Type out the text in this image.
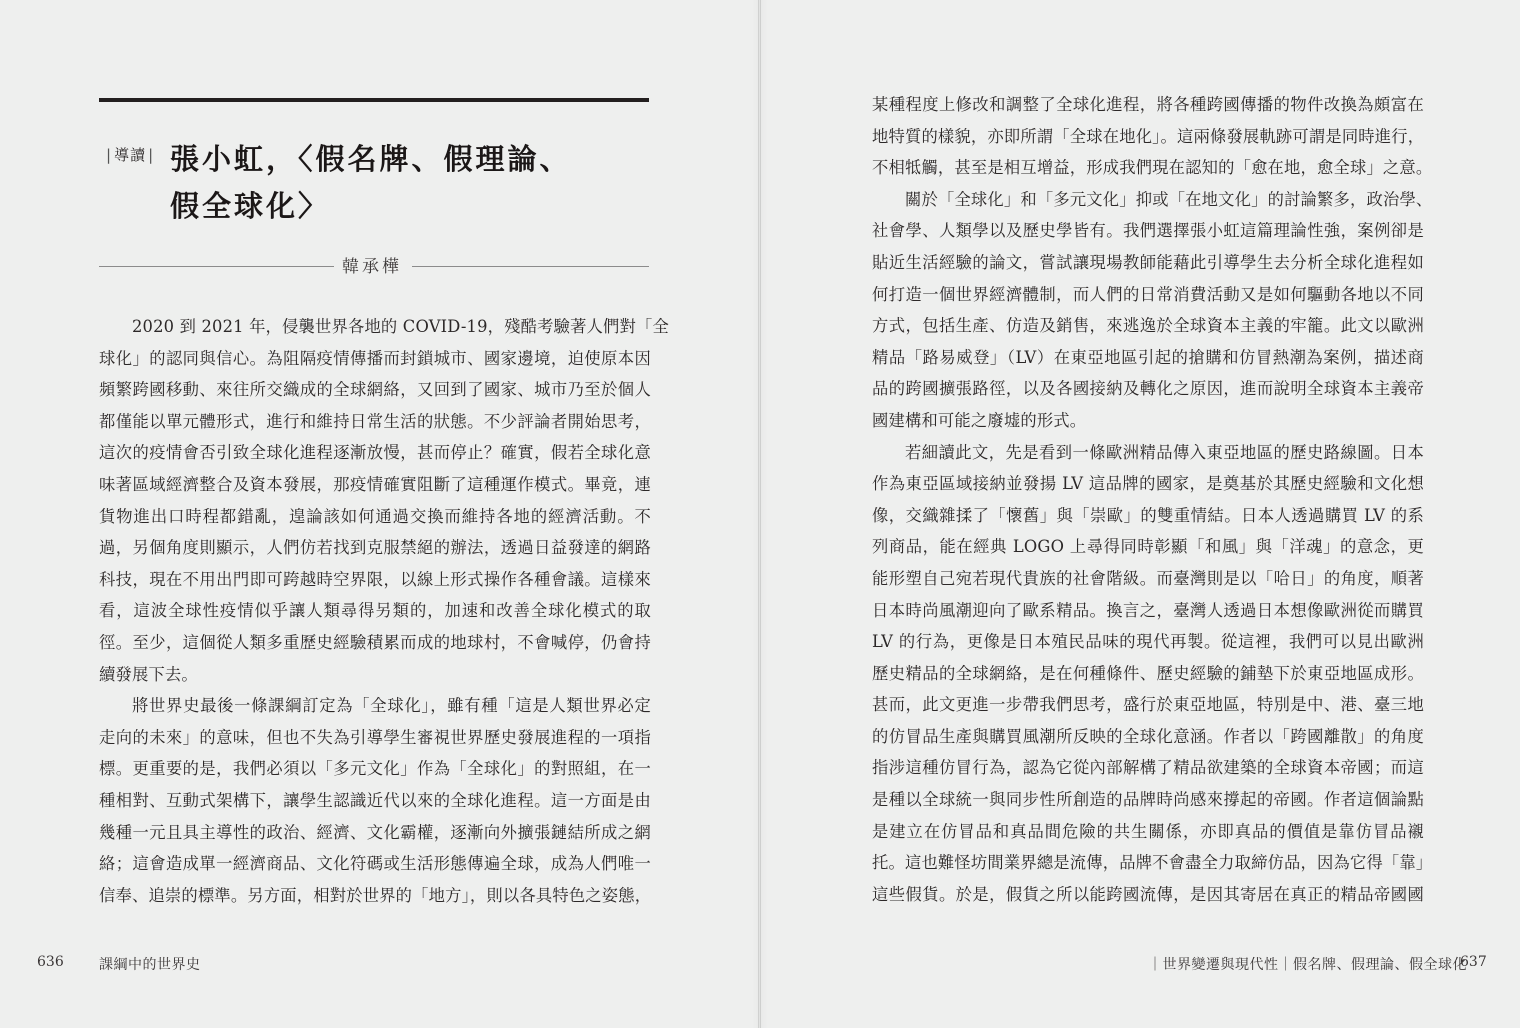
| 導讀 | 張小虹，〈假名牌、假理論、
假全球化〉
韓承樺
2020 到 2021 年，侵襲世界各地的 COVID-19，殘酷考驗著人們對「全
球化」的認同與信心。為阻隔疫情傳播而封鎖城市、國家邊境，迫使原本因
頻繁跨國移動、來往所交織成的全球網絡，又回到了國家、城市乃至於個人
都僅能以單元體形式，進行和維持日常生活的狀態。不少評論者開始思考，
這次的疫情會否引致全球化進程逐漸放慢，甚而停止？確實，假若全球化意
味著區域經濟整合及資本發展，那疫情確實阻斷了這種運作模式。畢竟，連
貨物進出口時程都錯亂，遑論該如何通過交換而維持各地的經濟活動。不
過，另個角度則顯示，人們仿若找到克服禁絕的辦法，透過日益發達的網路
科技，現在不用出門即可跨越時空界限，以線上形式操作各種會議。這樣來
看，這波全球性疫情似乎讓人類尋得另類的，加速和改善全球化模式的取
徑。至少，這個從人類多重歷史經驗積累而成的地球村，不會喊停，仍會持
續發展下去。
將世界史最後一條課綱訂定為「全球化」，雖有種「這是人類世界必定
走向的未來」的意味，但也不失為引導學生審視世界歷史發展進程的一項指
標。更重要的是，我們必須以「多元文化」作為「全球化」的對照組，在一
種相對、互動式架構下，讓學生認識近代以來的全球化進程。這一方面是由
幾種一元且具主導性的政治、經濟、文化霸權，逐漸向外擴張鏈結所成之網
絡；這會造成單一經濟商品、文化符碼或生活形態傳遍全球，成為人們唯一
信奉、追崇的標準。另方面，相對於世界的「地方」，則以各具特色之姿態，
636	課綱中的世界史
某種程度上修改和調整了全球化進程，將各種跨國傳播的物件改換為頗富在
地特質的樣貌，亦即所謂「全球在地化」。這兩條發展軌跡可謂是同時進行，
不相牴觸，甚至是相互增益，形成我們現在認知的「愈在地，愈全球」之意。
關於「全球化」和「多元文化」抑或「在地文化」的討論繁多，政治學、
社會學、人類學以及歷史學皆有。我們選擇張小虹這篇理論性強，案例卻是
貼近生活經驗的論文，嘗試讓現場教師能藉此引導學生去分析全球化進程如
何打造一個世界經濟體制，而人們的日常消費活動又是如何驅動各地以不同
方式，包括生產、仿造及銷售，來逃逸於全球資本主義的牢籠。此文以歐洲
精品「路易威登」（LV）在東亞地區引起的搶購和仿冒熱潮為案例，描述商
品的跨國擴張路徑，以及各國接納及轉化之原因，進而說明全球資本主義帝
國建構和可能之廢墟的形式。
若細讀此文，先是看到一條歐洲精品傳入東亞地區的歷史路線圖。日本
作為東亞區域接納並發揚 LV 這品牌的國家，是奠基於其歷史經驗和文化想
像，交織雜揉了「懷舊」與「崇歐」的雙重情結。日本人透過購買 LV 的系
列商品，能在經典 LOGO 上尋得同時彰顯「和風」與「洋魂」的意念，更
能形塑自己宛若現代貴族的社會階級。而臺灣則是以「哈日」的角度，順著
日本時尚風潮迎向了歐系精品。換言之，臺灣人透過日本想像歐洲從而購買
LV 的行為，更像是日本殖民品味的現代再製。從這裡，我們可以見出歐洲
歷史精品的全球網絡，是在何種條件、歷史經驗的鋪墊下於東亞地區成形。
甚而，此文更進一步帶我們思考，盛行於東亞地區，特別是中、港、臺三地
的仿冒品生產與購買風潮所反映的全球化意涵。作者以「跨國離散」的角度
指涉這種仿冒行為，認為它從內部解構了精品欲建築的全球資本帝國；而這
是種以全球統一與同步性所創造的品牌時尚感來撐起的帝國。作者這個論點
是建立在仿冒品和真品間危險的共生關係，亦即真品的價值是靠仿冒品襯
托。這也難怪坊間業界總是流傳，品牌不會盡全力取締仿品，因為它得「靠」
這些假貨。於是，假貨之所以能跨國流傳，是因其寄居在真正的精品帝國國
｜世界變遷與現代性｜假名牌、假理論、假全球化
637
